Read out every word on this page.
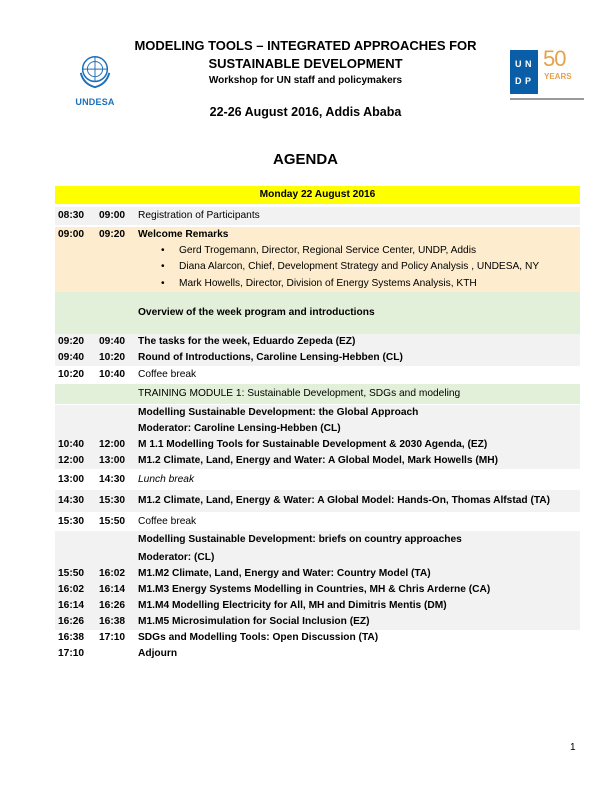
UNDESA
U N
D P
50
YEARS
MODELING TOOLS – INTEGRATED APPROACHES FOR
SUSTAINABLE DEVELOPMENT
Workshop for UN staff and policymakers
22-26 August 2016, Addis Ababa
AGENDA
Monday 22 August 2016
08:30 09:00 Registration of Participants
09:00 09:20 Welcome Remarks
• Gerd Trogemann, Director, Regional Service Center, UNDP, Addis
• Diana Alarcon, Chief, Development Strategy and Policy Analysis , UNDESA, NY
• Mark Howells, Director, Division of Energy Systems Analysis, KTH
Overview of the week program and introductions
09:20 09:40 The tasks for the week, Eduardo Zepeda (EZ)
09:40 10:20 Round of Introductions, Caroline Lensing-Hebben (CL)
10:20 10:40 Coffee break
TRAINING MODULE 1: Sustainable Development, SDGs and modeling
Modelling Sustainable Development: the Global Approach
Moderator: Caroline Lensing-Hebben (CL)
10:40 12:00 M 1.1 Modelling Tools for Sustainable Development & 2030 Agenda, (EZ)
12:00 13:00 M1.2 Climate, Land, Energy and Water: A Global Model, Mark Howells (MH)
13:00 14:30 Lunch break
14:30 15:30 M1.2 Climate, Land, Energy & Water: A Global Model: Hands-On, Thomas Alfstad (TA)
15:30 15:50 Coffee break
Modelling Sustainable Development: briefs on country approaches
Moderator: (CL)
15:50 16:02 M1.M2 Climate, Land, Energy and Water: Country Model (TA)
16:02 16:14 M1.M3 Energy Systems Modelling in Countries, MH & Chris Arderne (CA)
16:14 16:26 M1.M4 Modelling Electricity for All, MH and Dimitris Mentis (DM)
16:26 16:38 M1.M5 Microsimulation for Social Inclusion (EZ)
16:38 17:10 SDGs and Modelling Tools: Open Discussion (TA)
17:10	Adjourn
1
